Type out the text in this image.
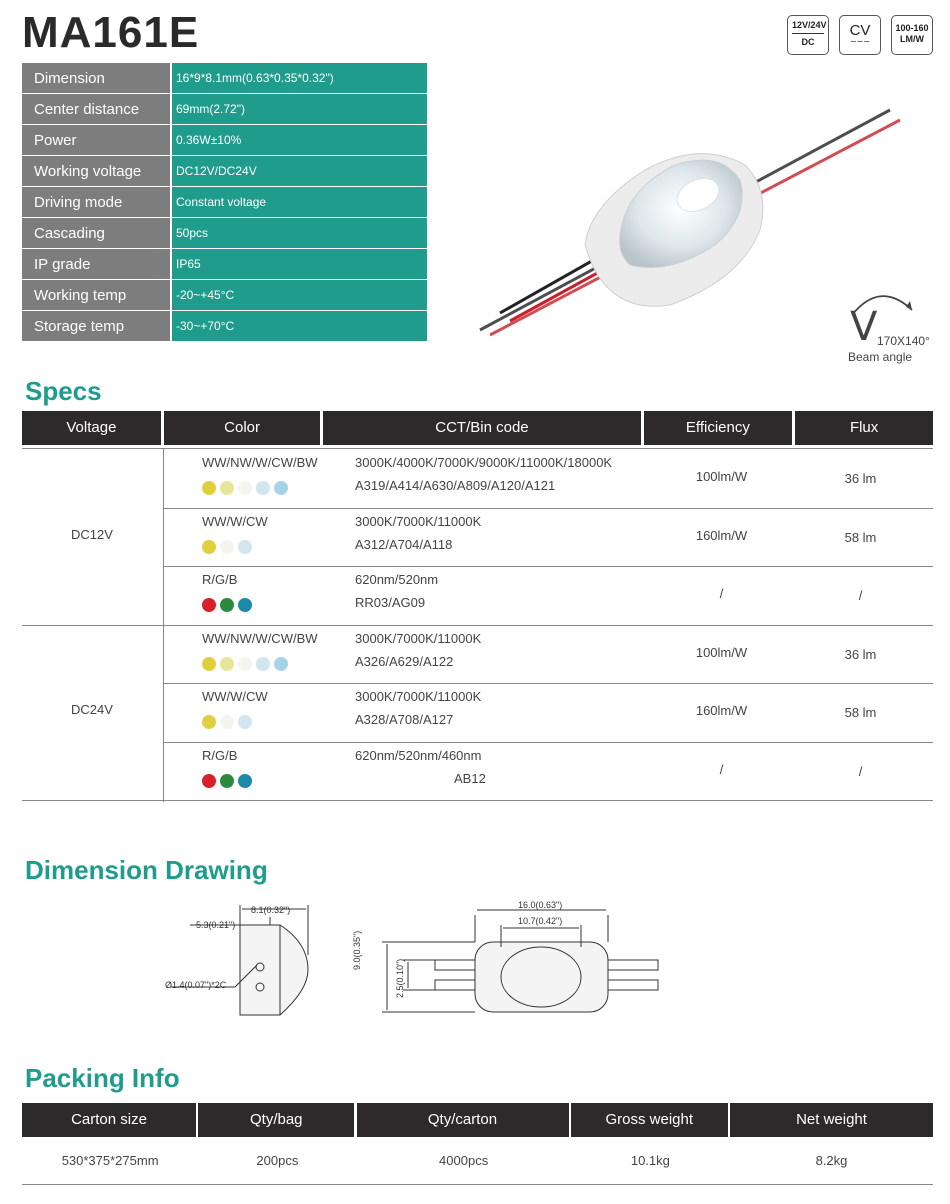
MA161E	12V/24V
DC
CV
∼∼∼
100-160
LM/W
Dimension	16*9*8.1mm(0.63*0.35*0.32")
Center distance	69mm(2.72")
Power	0.36W±10%
Working voltage	DC12V/DC24V
Driving mode	Constant voltage
Cascading	50pcs
IP grade	IP65
Working temp	-20~+45°C
Storage temp	-30~+70°C	V 170X140°
Beam angle
Specs
Voltage	Color	CCT/Bin code	Efficiency	Flux
DC12V
WW/NW/W/CW/BW	3000K/4000K/7000K/9000K/11000K/18000K
A319/A414/A630/A809/A120/A121
100lm/W	36 lm
WW/W/CW	3000K/7000K/11000K
A312/A704/A118
160lm/W	58 lm
R/G/B	620nm/520nm
RR03/AG09
/	/
DC24V
WW/NW/W/CW/BW	3000K/7000K/11000K
A326/A629/A122
100lm/W	36 lm
WW/W/CW	3000K/7000K/11000K
A328/A708/A127
160lm/W	58 lm
R/G/B	620nm/520nm/460nm
AB12
/	/
Dimension Drawing
8.1(0.32")
5.3(0.21")
Ø1.4(0.07")*2C
16.0(0.63")
10.7(0.42")
9.0(0.35")
2.5(0.10")
Packing Info
Carton size	Qty/bag	Qty/carton	Gross weight	Net weight
530*375*275mm	200pcs	4000pcs	10.1kg	8.2kg
